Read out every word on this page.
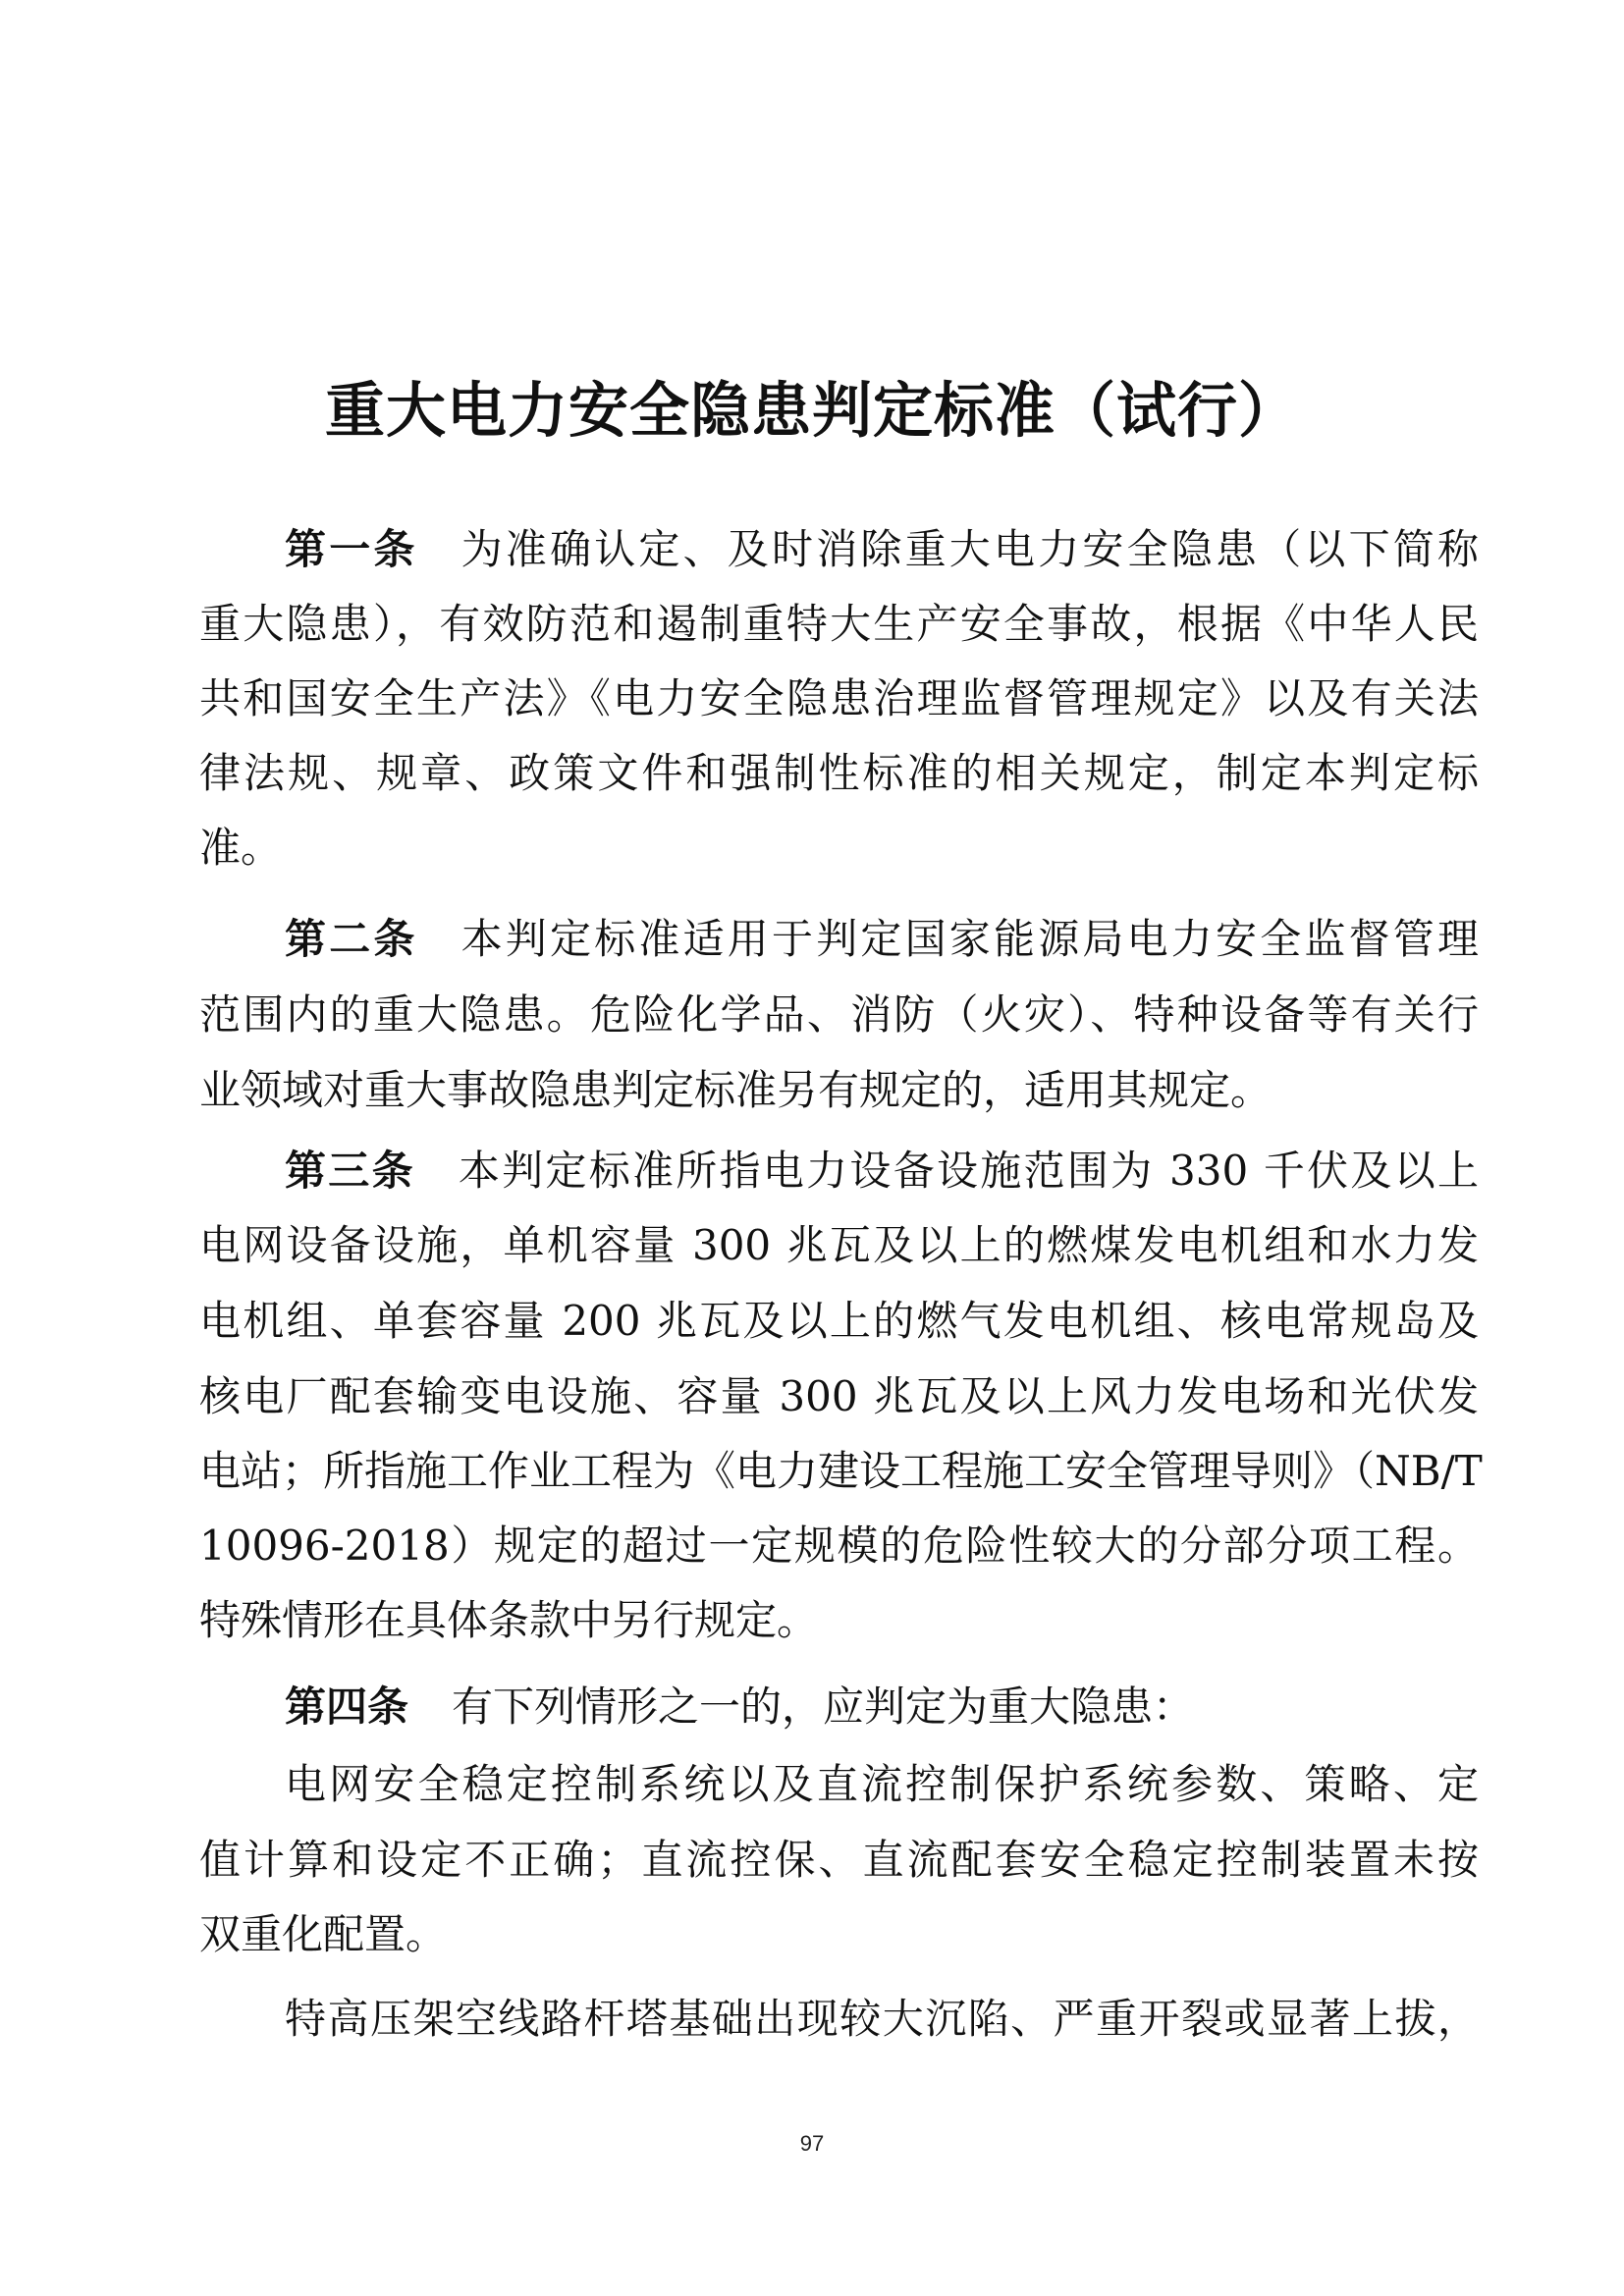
重大电力安全隐患判定标准（试行）
第一条 为准确认定、及时消除重大电力安全隐患（以下简称
重大隐患），有效防范和遏制重特大生产安全事故，根据《中华人民
共和国安全生产法》《电力安全隐患治理监督管理规定》以及有关法
律法规、规章、政策文件和强制性标准的相关规定，制定本判定标
准。
第二条 本判定标准适用于判定国家能源局电力安全监督管理
范围内的重大隐患。危险化学品、消防（火灾）、特种设备等有关行
业领域对重大事故隐患判定标准另有规定的，适用其规定。
第三条 本判定标准所指电力设备设施范围为 330 千伏及以上
电网设备设施，单机容量 300 兆瓦及以上的燃煤发电机组和水力发
电机组、单套容量 200 兆瓦及以上的燃气发电机组、核电常规岛及
核电厂配套输变电设施、容量 300 兆瓦及以上风力发电场和光伏发
电站；所指施工作业工程为《电力建设工程施工安全管理导则》（NB/T
10096-2018）规定的超过一定规模的危险性较大的分部分项工程。
特殊情形在具体条款中另行规定。
第四条 有下列情形之一的，应判定为重大隐患：
电网安全稳定控制系统以及直流控制保护系统参数、策略、定
值计算和设定不正确；直流控保、直流配套安全稳定控制装置未按
双重化配置。
特高压架空线路杆塔基础出现较大沉陷、严重开裂或显著上拔，
97
